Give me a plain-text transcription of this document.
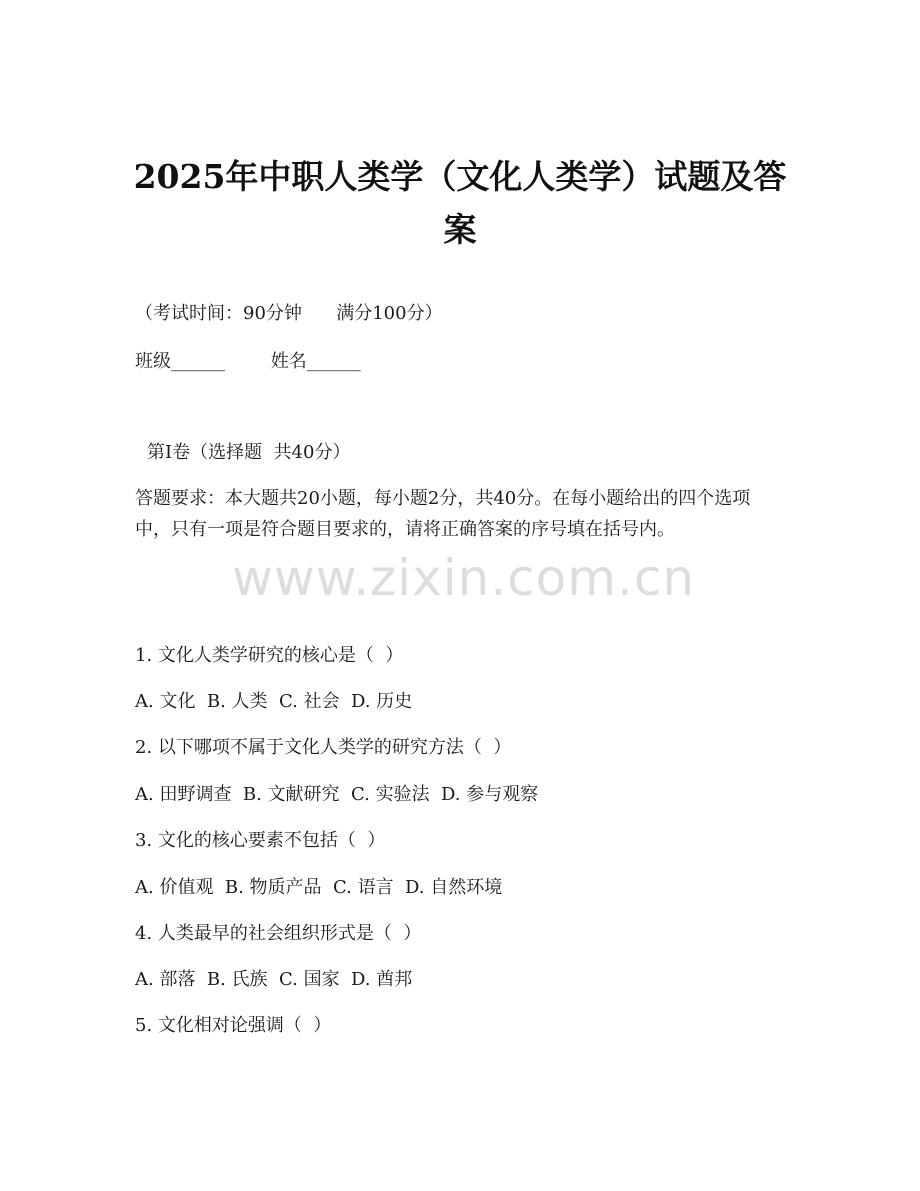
2025年中职人类学（文化人类学）试题及答
案

（考试时间：90分钟      满分100分）

班级______        姓名______

第I卷（选择题  共40分）

答题要求：本大题共20小题，每小题2分，共40分。在每小题给出的四个选项中，只有一项是符合题目要求的，请将正确答案的序号填在括号内。

www.zixin.com.cn

1. 文化人类学研究的核心是（  ）

A. 文化  B. 人类  C. 社会  D. 历史

2. 以下哪项不属于文化人类学的研究方法（  ）

A. 田野调查  B. 文献研究  C. 实验法  D. 参与观察

3. 文化的核心要素不包括（  ）

A. 价值观  B. 物质产品  C. 语言  D. 自然环境

4. 人类最早的社会组织形式是（  ）

A. 部落  B. 氏族  C. 国家  D. 酋邦

5. 文化相对论强调（  ）
